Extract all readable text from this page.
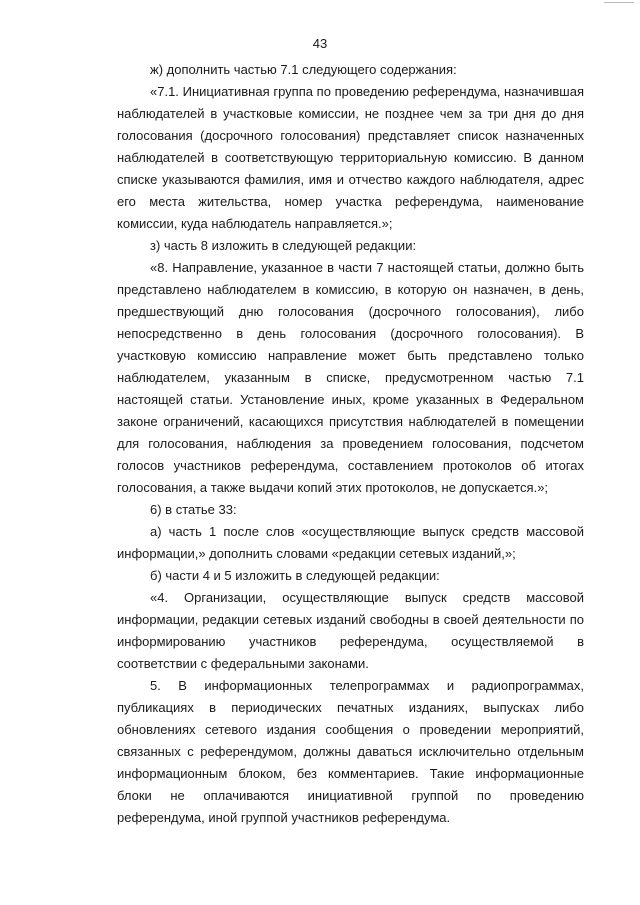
43

ж) дополнить частью 7.1 следующего содержания:

«7.1. Инициативная группа по проведению референдума, назначившая наблюдателей в участковые комиссии, не позднее чем за три дня до дня голосования (досрочного голосования) представляет список назначенных наблюдателей в соответствующую территориальную комиссию. В данном списке указываются фамилия, имя и отчество каждого наблюдателя, адрес его места жительства, номер участка референдума, наименование комиссии, куда наблюдатель направляется.»;

з) часть 8 изложить в следующей редакции:

«8. Направление, указанное в части 7 настоящей статьи, должно быть представлено наблюдателем в комиссию, в которую он назначен, в день, предшествующий дню голосования (досрочного голосования), либо непосредственно в день голосования (досрочного голосования). В участковую комиссию направление может быть представлено только наблюдателем, указанным в списке, предусмотренном частью 7.1 настоящей статьи. Установление иных, кроме указанных в Федеральном законе ограничений, касающихся присутствия наблюдателей в помещении для голосования, наблюдения за проведением голосования, подсчетом голосов участников референдума, составлением протоколов об итогах голосования, а также выдачи копий этих протоколов, не допускается.»;

6) в статье 33:

а) часть 1 после слов «осуществляющие выпуск средств массовой информации,» дополнить словами «редакции сетевых изданий,»;

б) части 4 и 5 изложить в следующей редакции:

«4. Организации, осуществляющие выпуск средств массовой информации, редакции сетевых изданий свободны в своей деятельности по информированию участников референдума, осуществляемой в соответствии с федеральными законами.

5. В информационных телепрограммах и радиопрограммах, публикациях в периодических печатных изданиях, выпусках либо обновлениях сетевого издания сообщения о проведении мероприятий, связанных с референдумом, должны даваться исключительно отдельным информационным блоком, без комментариев. Такие информационные блоки не оплачиваются инициативной группой по проведению референдума, иной группой участников референдума.
